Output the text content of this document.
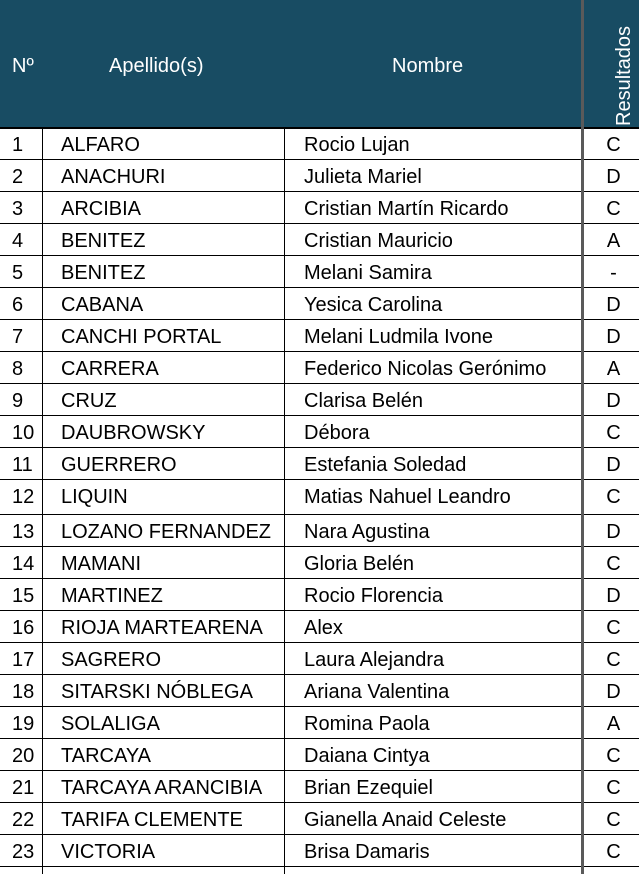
Nº	Apellido(s)	Nombre	Resultados
1	ALFARO	Rocio Lujan	C
2	ANACHURI	Julieta Mariel	D
3	ARCIBIA	Cristian Martín Ricardo	C
4	BENITEZ	Cristian Mauricio	A
5	BENITEZ	Melani Samira	-
6	CABANA	Yesica Carolina	D
7	CANCHI PORTAL	Melani Ludmila Ivone	D
8	CARRERA	Federico Nicolas Gerónimo	A
9	CRUZ	Clarisa Belén	D
10 DAUBROWSKY	Débora	C
11	GUERRERO	Estefania Soledad	D
12 LIQUIN	Matias Nahuel Leandro	C
13 LOZANO FERNANDEZ	Nara Agustina	D
14 MAMANI	Gloria Belén	C
15 MARTINEZ	Rocio Florencia	D
16 RIOJA MARTEARENA	Alex	C
17 SAGRERO	Laura Alejandra	C
18 SITARSKI NÓBLEGA	Ariana Valentina	D
19 SOLALIGA	Romina Paola	A
20 TARCAYA	Daiana Cintya	C
21 TARCAYA ARANCIBIA	Brian Ezequiel	C
22 TARIFA CLEMENTE	Gianella Anaid Celeste	C
23 VICTORIA	Brisa Damaris	C
